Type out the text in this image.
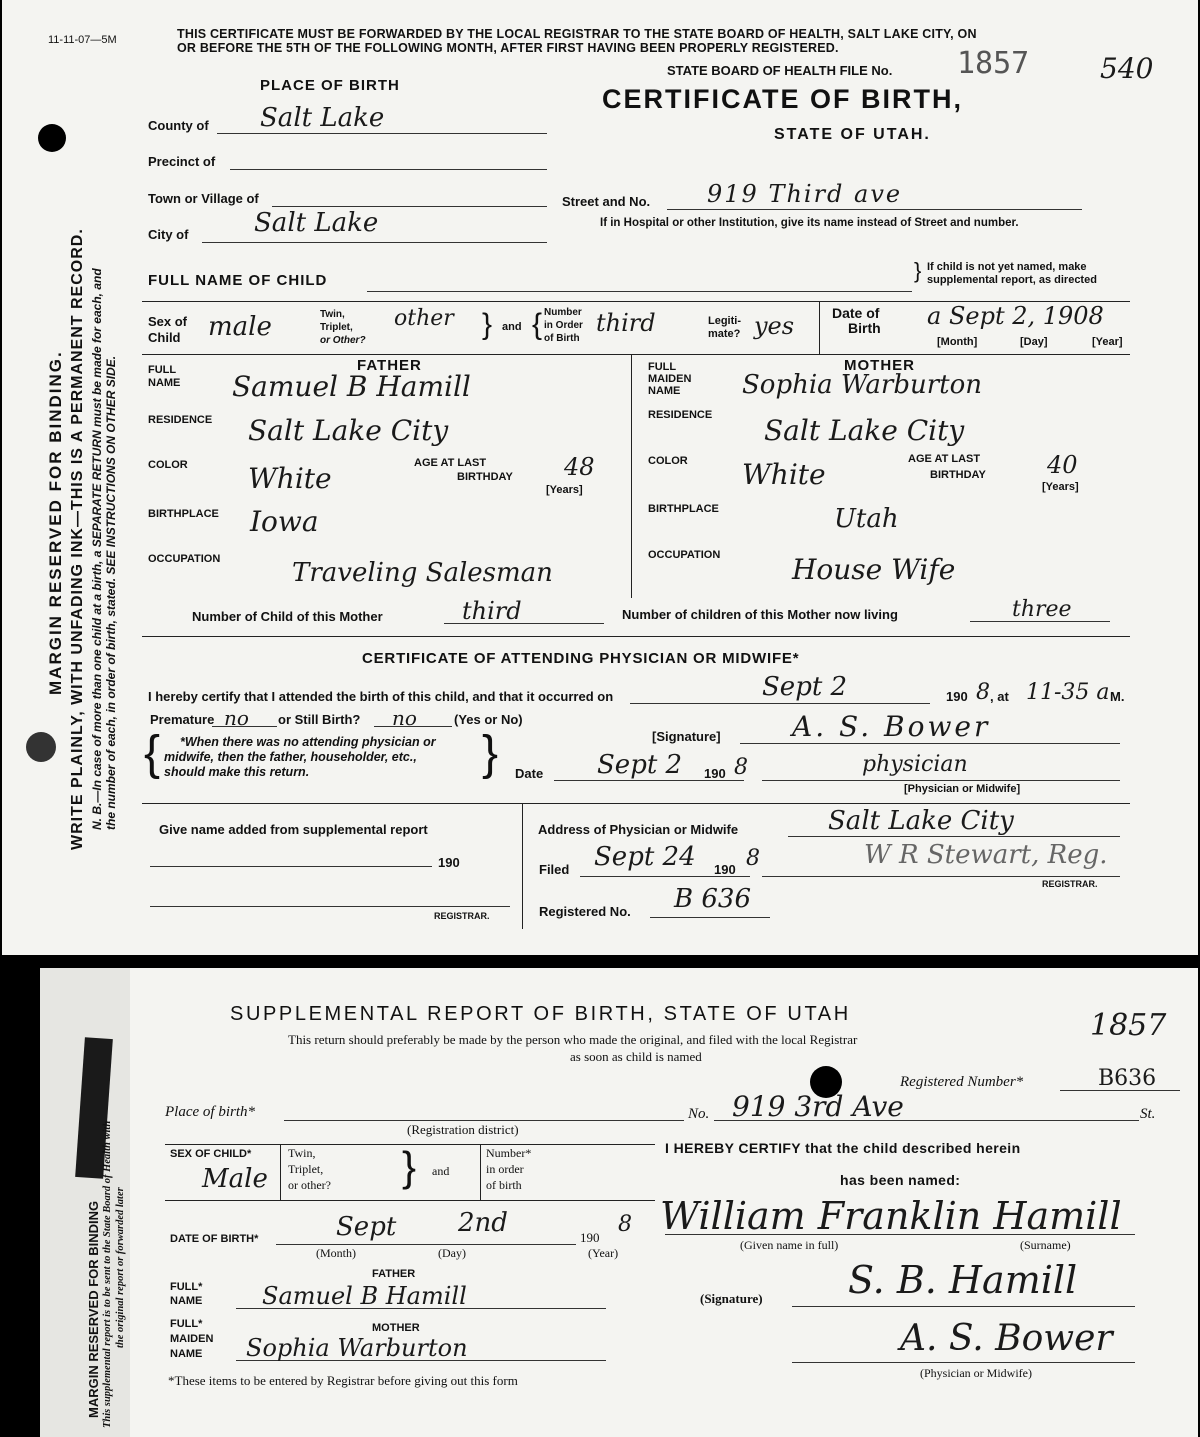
11-11-07—5M	THIS CERTIFICATE MUST BE FORWARDED BY THE LOCAL REGISTRAR TO THE STATE BOARD OF HEALTH, SALT LAKE CITY, ON
OR BEFORE THE 5TH OF THE FOLLOWING MONTH, AFTER FIRST HAVING BEEN PROPERLY REGISTERED.
STATE BOARD OF HEALTH FILE No. 1857	540
CERTIFICATE OF BIRTH,
STATE OF UTAH.
MARGIN RESERVED FOR BINDING. WRITE PLAINLY, WITH UNFADING INK—THIS IS A PERMANENT RECORD. N. B.—In case of more than one child at a birth, a SEPARATE RETURN must be made for each, and the number of each, in order of birth, stated. SEE INSTRUCTIONS ON OTHER SIDE.
PLACE OF BIRTH
County of Salt Lake
Precinct of
Town or Village of
City of	Salt Lake
Street and No. 919 Third ave
If in Hospital or other Institution, give its name instead of Street and number.
FULL NAME OF CHILD	} If child is not yet named, make
supplemental report, as directed
Sex of
Child male	Twin,
Triplet,
or Other?
other } and { Number
in Order
of Birth
third	Legiti-
mate? yes	Date of
Birth a Sept 2, 1908
[Month]	[Day]	[Year]
FATHER
FULL
NAME Samuel B Hamill
RESIDENCE Salt Lake City
COLOR White	AGE AT LAST
BIRTHDAY 48
[Years]
BIRTHPLACE Iowa
OCCUPATION	Traveling Salesman
MOTHER
FULL
MAIDEN
NAME Sophia Warburton
RESIDENCE Salt Lake City
COLOR White	AGE AT LAST
BIRTHDAY	40
[Years]
BIRTHPLACE	Utah
OCCUPATION	House Wife
Number of Child of this Mother	third	Number of children of this Mother now living	three
CERTIFICATE OF ATTENDING PHYSICIAN OR MIDWIFE*
I hereby certify that I attended the birth of this child, and that it occurred on	Sept 2	190 8 , at 11-35 a M.
Premature no or Still Birth? no	(Yes or No)
[Signature]	A. S. Bower
{ *When there was no attending physician or
midwife, then the father, householder, etc.,
should make this return.	} Date Sept 2 190 8	physician
[Physician or Midwife]
Give name added from supplemental report
190
REGISTRAR.
Address of Physician or Midwife	Salt Lake City
Filed Sept 24 190 8	W R Stewart, Reg.
REGISTRAR.
Registered No. B 636
MARGIN RESERVED FOR BINDING This supplemental report is to be sent to the State Board of Health with the original report or forwarded later
SUPPLEMENTAL REPORT OF BIRTH, STATE OF UTAH	1857
This return should preferably be made by the person who made the original, and filed with the local Registrar
as soon as child is named
Registered Number*	B636
Place of birth*
(Registration district)
No. 919 3rd Ave	St.
SEX OF CHILD*
Male
Twin,
Triplet,
or other? } and
Number*
in order
of birth
DATE OF BIRTH*	Sept 2nd	190
8
(Month)	(Day)	(Year)
FATHER
FULL*
NAME Samuel B Hamill
MOTHER
FULL*
MAIDEN
NAME Sophia Warburton
*These items to be entered by Registrar before giving out this form
I HEREBY CERTIFY that the child described herein
has been named:
William Franklin Hamill
(Given name in full)	(Surname)
(Signature) S. B. Hamill
A. S. Bower
(Physician or Midwife)
